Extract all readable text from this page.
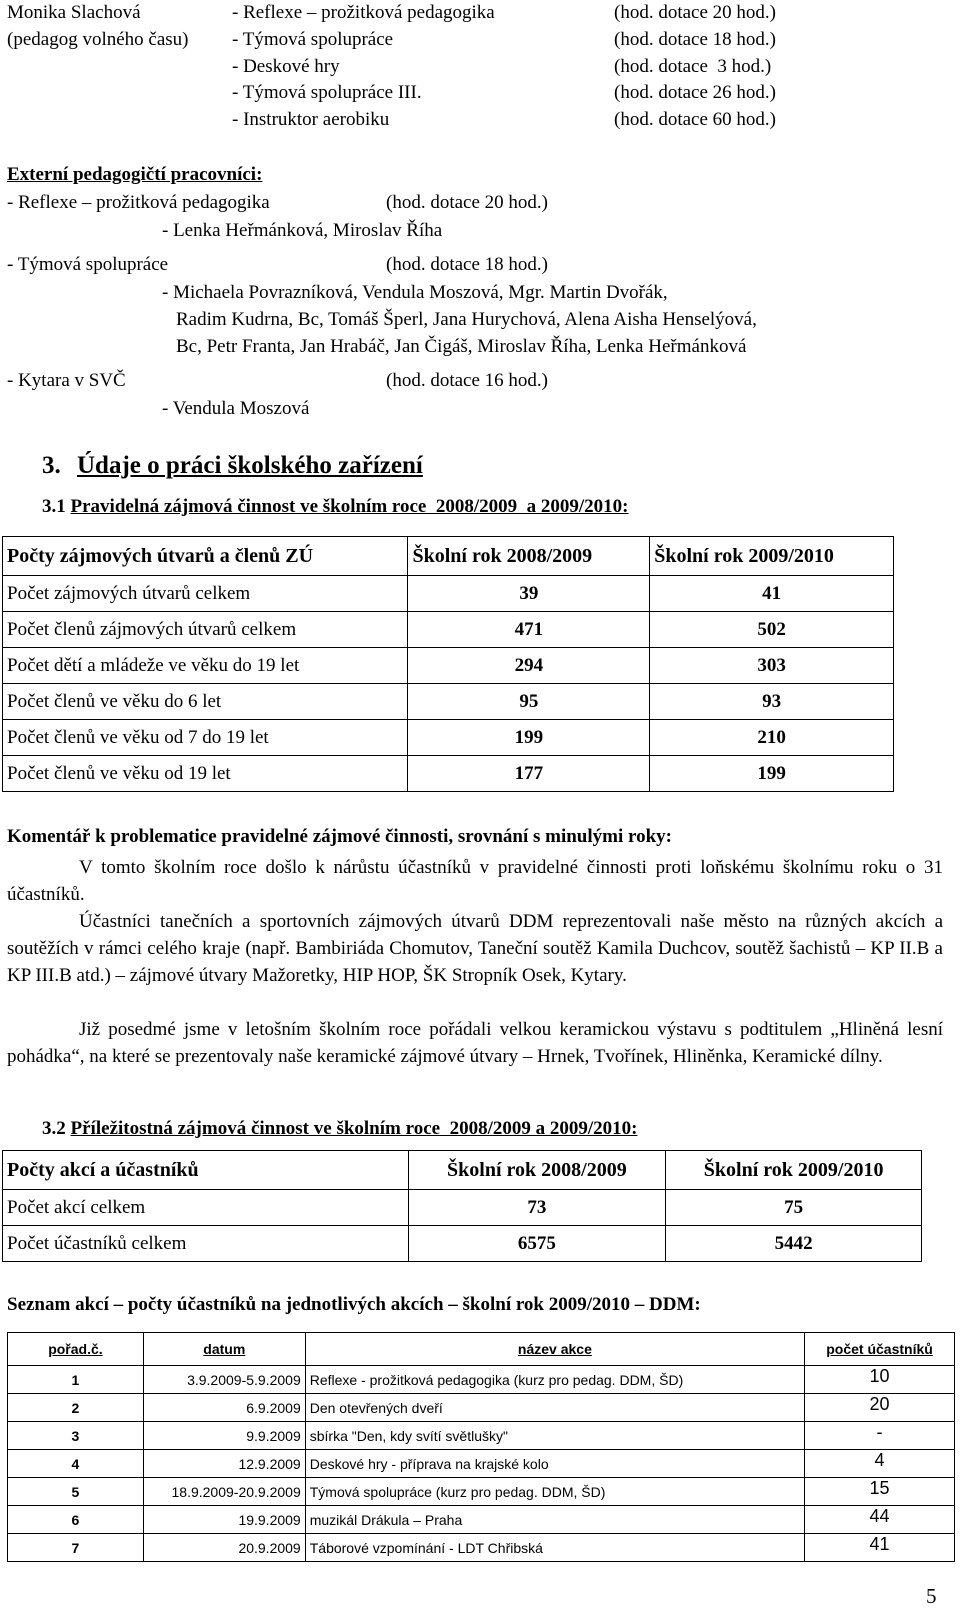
Monika Slachová
(pedagog volného času)
- Reflexe – prožitková pedagogika	(hod. dotace 20 hod.)
- Týmová spolupráce	(hod. dotace 18 hod.)
- Deskové hry	(hod. dotace  3 hod.)
- Týmová spolupráce III.	(hod. dotace 26 hod.)
- Instruktor aerobiku	(hod. dotace 60 hod.)
Externí pedagogičtí pracovníci:
- Reflexe – prožitková pedagogika	(hod. dotace 20 hod.)
- Lenka Heřmánková, Miroslav Říha
- Týmová spolupráce	(hod. dotace 18 hod.)
- Michaela Povrazníková, Vendula Moszová, Mgr. Martin Dvořák,
Radim Kudrna, Bc, Tomáš Šperl, Jana Hurychová, Alena Aisha Henselýová,
Bc, Petr Franta, Jan Hrabáč, Jan Čigáš, Miroslav Říha, Lenka Heřmánková
- Kytara v SVČ	(hod. dotace 16 hod.)
- Vendula Moszová
3. Údaje o práci školského zařízení
3.1 Pravidelná zájmová činnost ve školním roce  2008/2009  a 2009/2010:
Počty zájmových útvarů a členů ZÚ	Školní rok 2008/2009	Školní rok 2009/2010
Počet zájmových útvarů celkem	39	41
Počet členů zájmových útvarů celkem	471	502
Počet dětí a mládeže ve věku do 19 let	294	303
Počet členů ve věku do 6 let	95	93
Počet členů ve věku od 7 do 19 let	199	210
Počet členů ve věku od 19 let	177	199
Komentář k problematice pravidelné zájmové činnosti, srovnání s minulými roky:
V tomto školním roce došlo k nárůstu účastníků v pravidelné činnosti proti loňskému školnímu roku o 31 účastníků.
Účastníci tanečních a sportovních zájmových útvarů DDM reprezentovali naše město na různých akcích a soutěžích v rámci celého kraje (např. Bambiriáda Chomutov, Taneční soutěž Kamila Duchcov, soutěž šachistů – KP II.B a KP III.B atd.) – zájmové útvary Mažoretky, HIP HOP, ŠK Stropník Osek, Kytary.
Již posedmé jsme v letošním školním roce pořádali velkou keramickou výstavu s podtitulem „Hliněná lesní pohádka“, na které se prezentovaly naše keramické zájmové útvary – Hrnek, Tvořínek, Hliněnka, Keramické dílny.
3.2 Příležitostná zájmová činnost ve školním roce  2008/2009 a 2009/2010:
Počty akcí a účastníků	Školní rok 2008/2009	Školní rok 2009/2010
Počet akcí celkem	73	75
Počet účastníků celkem	6575	5442
Seznam akcí – počty účastníků na jednotlivých akcích – školní rok 2009/2010 – DDM:
pořad.č.	datum	název akce	počet účastníků
1	3.9.2009-5.9.2009	Reflexe - prožitková pedagogika (kurz pro pedag. DDM, ŠD)	10
2	6.9.2009	Den otevřených dveří	20
3	9.9.2009	sbírka "Den, kdy svítí světlušky"	-
4	12.9.2009	Deskové hry - příprava na krajské kolo	4
5	18.9.2009-20.9.2009	Týmová spolupráce (kurz pro pedag. DDM, ŠD)	15
6	19.9.2009	muzikál Drákula – Praha	44
7	20.9.2009	Táborové vzpomínání - LDT Chřibská	41
5
